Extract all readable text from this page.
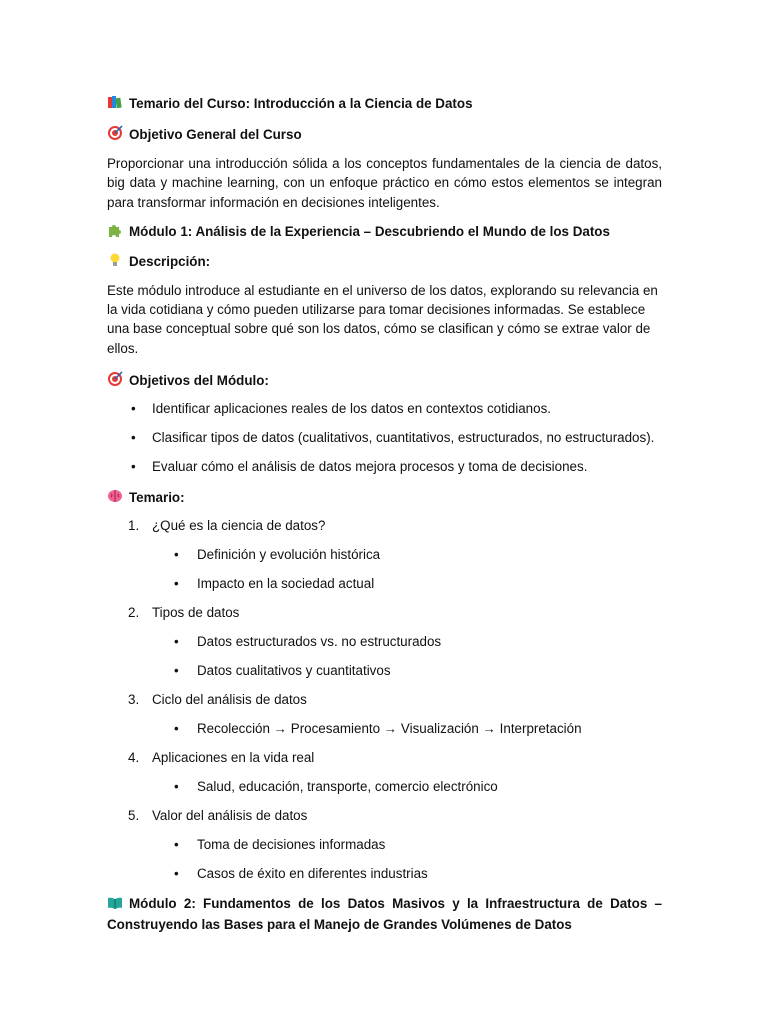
Temario del Curso: Introducción a la Ciencia de Datos
Objetivo General del Curso

Proporcionar una introducción sólida a los conceptos fundamentales de la ciencia de datos, big data y machine learning, con un enfoque práctico en cómo estos elementos se integran para transformar información en decisiones inteligentes.

Módulo 1: Análisis de la Experiencia – Descubriendo el Mundo de los Datos
Descripción:

Este módulo introduce al estudiante en el universo de los datos, explorando su relevancia en la vida cotidiana y cómo pueden utilizarse para tomar decisiones informadas. Se establece una base conceptual sobre qué son los datos, cómo se clasifican y cómo se extrae valor de ellos.

Objetivos del Módulo:
• Identificar aplicaciones reales de los datos en contextos cotidianos.
• Clasificar tipos de datos (cualitativos, cuantitativos, estructurados, no estructurados).
• Evaluar cómo el análisis de datos mejora procesos y toma de decisiones.
Temario:
1. ¿Qué es la ciencia de datos?
• Definición y evolución histórica
• Impacto en la sociedad actual
2. Tipos de datos
• Datos estructurados vs. no estructurados
• Datos cualitativos y cuantitativos
3. Ciclo del análisis de datos
• Recolección → Procesamiento → Visualización → Interpretación
4. Aplicaciones en la vida real
• Salud, educación, transporte, comercio electrónico
5. Valor del análisis de datos
• Toma de decisiones informadas
• Casos de éxito en diferentes industrias

Módulo 2: Fundamentos de los Datos Masivos y la Infraestructura de Datos – Construyendo las Bases para el Manejo de Grandes Volúmenes de Datos
